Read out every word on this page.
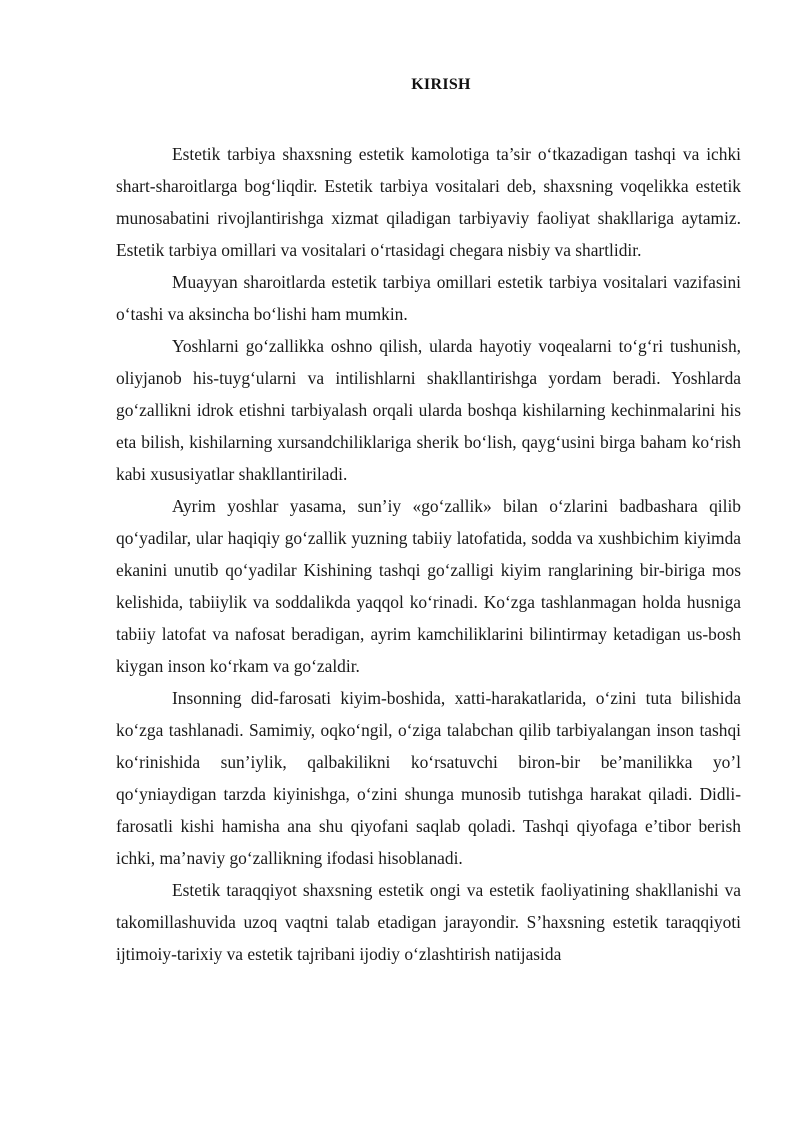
KIRISH

Estetik tarbiya shaxsning estetik kamolotiga ta’sir o‘tkazadigan tashqi va ichki shart-sharoitlarga bog‘liqdir. Estetik tarbiya vositalari deb, shaxsning voqelikka estetik munosabatini rivojlantirishga xizmat qiladigan tarbiyaviy faoliyat shakllariga aytamiz. Estetik tarbiya omillari va vositalari o‘rtasidagi chegara nisbiy va shartlidir.

Muayyan sharoitlarda estetik tarbiya omillari estetik tarbiya vositalari vazifasini o‘tashi va aksincha bo‘lishi ham mumkin.

Yoshlarni go‘zallikka oshno qilish, ularda hayotiy voqealarni to‘g‘ri tushunish, oliyjanob his-tuyg‘ularni va intilishlarni shakllantirishga yordam beradi. Yoshlarda go‘zallikni idrok etishni tarbiyalash orqali ularda boshqa kishilarning kechinmalarini his eta bilish, kishilarning xursandchiliklariga sherik bo‘lish, qayg‘usini birga baham ko‘rish kabi xususiyatlar shakllantiriladi.

Ayrim yoshlar yasama, sun’iy «go‘zallik» bilan o‘zlarini badbashara qilib qo‘yadilar, ular haqiqiy go‘zallik yuzning tabiiy latofatida, sodda va xushbichim kiyimda ekanini unutib qo‘yadilar Kishining tashqi go‘zalligi kiyim ranglarining bir-biriga mos kelishida, tabiiylik va soddalikda yaqqol ko‘rinadi. Ko‘zga tashlanmagan holda husniga tabiiy latofat va nafosat beradigan, ayrim kamchiliklarini bilintirmay ketadigan us-bosh kiygan inson ko‘rkam va go‘zaldir.

Insonning did-farosati kiyim-boshida, xatti-harakatlarida, o‘zini tuta bilishida ko‘zga tashlanadi. Samimiy, oqko‘ngil, o‘ziga talabchan qilib tarbiyalangan inson tashqi ko‘rinishida sun’iylik, qalbakilikni ko‘rsatuvchi biron-bir be’manilikka yo’l qo‘yniaydigan tarzda kiyinishga, o‘zini shunga munosib tutishga harakat qiladi. Didli-farosatli kishi hamisha ana shu qiyofani saqlab qoladi. Tashqi qiyofaga e’tibor berish ichki, ma’naviy go‘zallikning ifodasi hisoblanadi.

Estetik taraqqiyot shaxsning estetik ongi va estetik faoliyatining shakllanishi va takomillashuvida uzoq vaqtni talab etadigan jarayondir. S’haxsning estetik taraqqiyoti ijtimoiy-tarixiy va estetik tajribani ijodiy o‘zlashtirish natijasida
